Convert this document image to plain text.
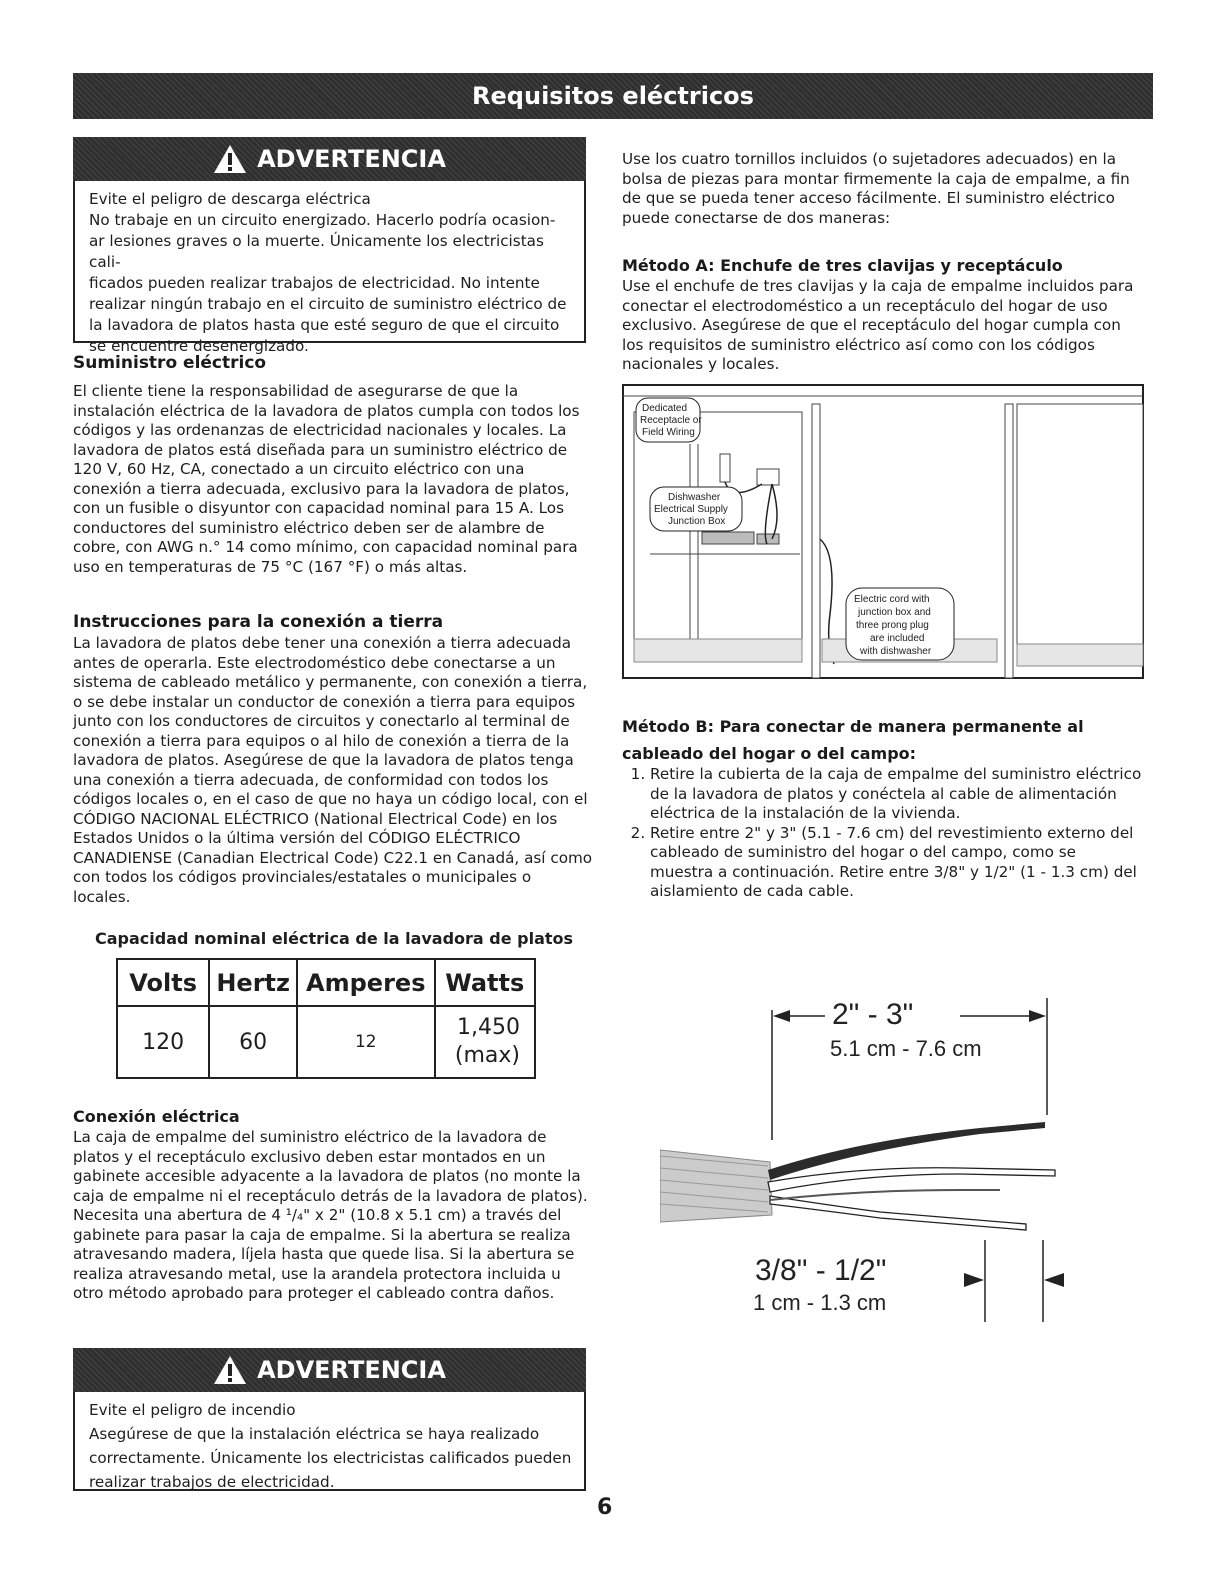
Requisitos eléctricos
ADVERTENCIA
Evite el peligro de descarga eléctrica
No trabaje en un circuito energizado. Hacerlo podría ocasion-
ar lesiones graves o la muerte. Únicamente los electricistas cali-
ficados pueden realizar trabajos de electricidad. No intente
realizar ningún trabajo en el circuito de suministro eléctrico de
la lavadora de platos hasta que esté seguro de que el circuito
se encuentre desenergizado.
Suministro eléctrico
El cliente tiene la responsabilidad de asegurarse de que la instalación eléctrica de la lavadora de platos cumpla con todos los códigos y las ordenanzas de electricidad nacionales y locales. La lavadora de platos está diseñada para un suministro eléctrico de 120 V, 60 Hz, CA, conectado a un circuito eléctrico con una conexión a tierra adecuada, exclusivo para la lavadora de platos, con un fusible o disyuntor con capacidad nominal para 15 A. Los conductores del suministro eléctrico deben ser de alambre de cobre, con AWG n.° 14 como mínimo, con capacidad nominal para uso en temperaturas de 75 °C (167 °F) o más altas.
Instrucciones para la conexión a tierra
La lavadora de platos debe tener una conexión a tierra adecuada antes de operarla. Este electrodoméstico debe conectarse a un sistema de cableado metálico y permanente, con conexión a tierra, o se debe instalar un conductor de conexión a tierra para equipos junto con los conductores de circuitos y conectarlo al terminal de conexión a tierra para equipos o al hilo de conexión a tierra de la lavadora de platos. Asegúrese de que la lavadora de platos tenga una conexión a tierra adecuada, de conformidad con todos los códigos locales o, en el caso de que no haya un código local, con el CÓDIGO NACIONAL ELÉCTRICO (National Electrical Code) en los Estados Unidos o la última versión del CÓDIGO ELÉCTRICO CANADIENSE (Canadian Electrical Code) C22.1 en Canadá, así como con todos los códigos provinciales/estatales o municipales o locales.
Capacidad nominal eléctrica de la lavadora de platos
Volts	Hertz	Amperes	Watts
120	60	12	1,450
(max)
Conexión eléctrica
La caja de empalme del suministro eléctrico de la lavadora de platos y el receptáculo exclusivo deben estar montados en un gabinete accesible adyacente a la lavadora de platos (no monte la caja de empalme ni el receptáculo detrás de la lavadora de platos). Necesita una abertura de 4 ¹/₄" x 2" (10.8 x 5.1 cm) a través del gabinete para pasar la caja de empalme. Si la abertura se realiza atravesando madera, líjela hasta que quede lisa. Si la abertura se realiza atravesando metal, use la arandela protectora incluida u otro método aprobado para proteger el cableado contra daños.
ADVERTENCIA
Evite el peligro de incendio
Asegúrese de que la instalación eléctrica se haya realizado
correctamente. Únicamente los electricistas calificados pueden
realizar trabajos de electricidad.
Use los cuatro tornillos incluidos (o sujetadores adecuados) en la bolsa de piezas para montar firmemente la caja de empalme, a fin de que se pueda tener acceso fácilmente. El suministro eléctrico puede conectarse de dos maneras:
Método A: Enchufe de tres clavijas y receptáculo
Use el enchufe de tres clavijas y la caja de empalme incluidos para conectar el electrodoméstico a un receptáculo del hogar de uso exclusivo. Asegúrese de que el receptáculo del hogar cumpla con los requisitos de suministro eléctrico así como con los códigos nacionales y locales.
Dedicated
Receptacle or
Field Wiring
Dishwasher
Electrical Supply
Junction Box
Electric cord with
junction box and
three prong plug
are included
with dishwasher
Método B: Para conectar de manera permanente al
cableado del hogar o del campo:
1. Retire la cubierta de la caja de empalme del suministro eléctrico de la lavadora de platos y conéctela al cable de alimentación eléctrica de la instalación de la vivienda.
2. Retire entre 2" y 3" (5.1 - 7.6 cm) del revestimiento externo del cableado de suministro del hogar o del campo, como se muestra a continuación. Retire entre 3/8" y 1/2" (1 - 1.3 cm) del aislamiento de cada cable.
2" - 3"
5.1 cm - 7.6 cm
3/8" - 1/2"
1 cm - 1.3 cm
6
